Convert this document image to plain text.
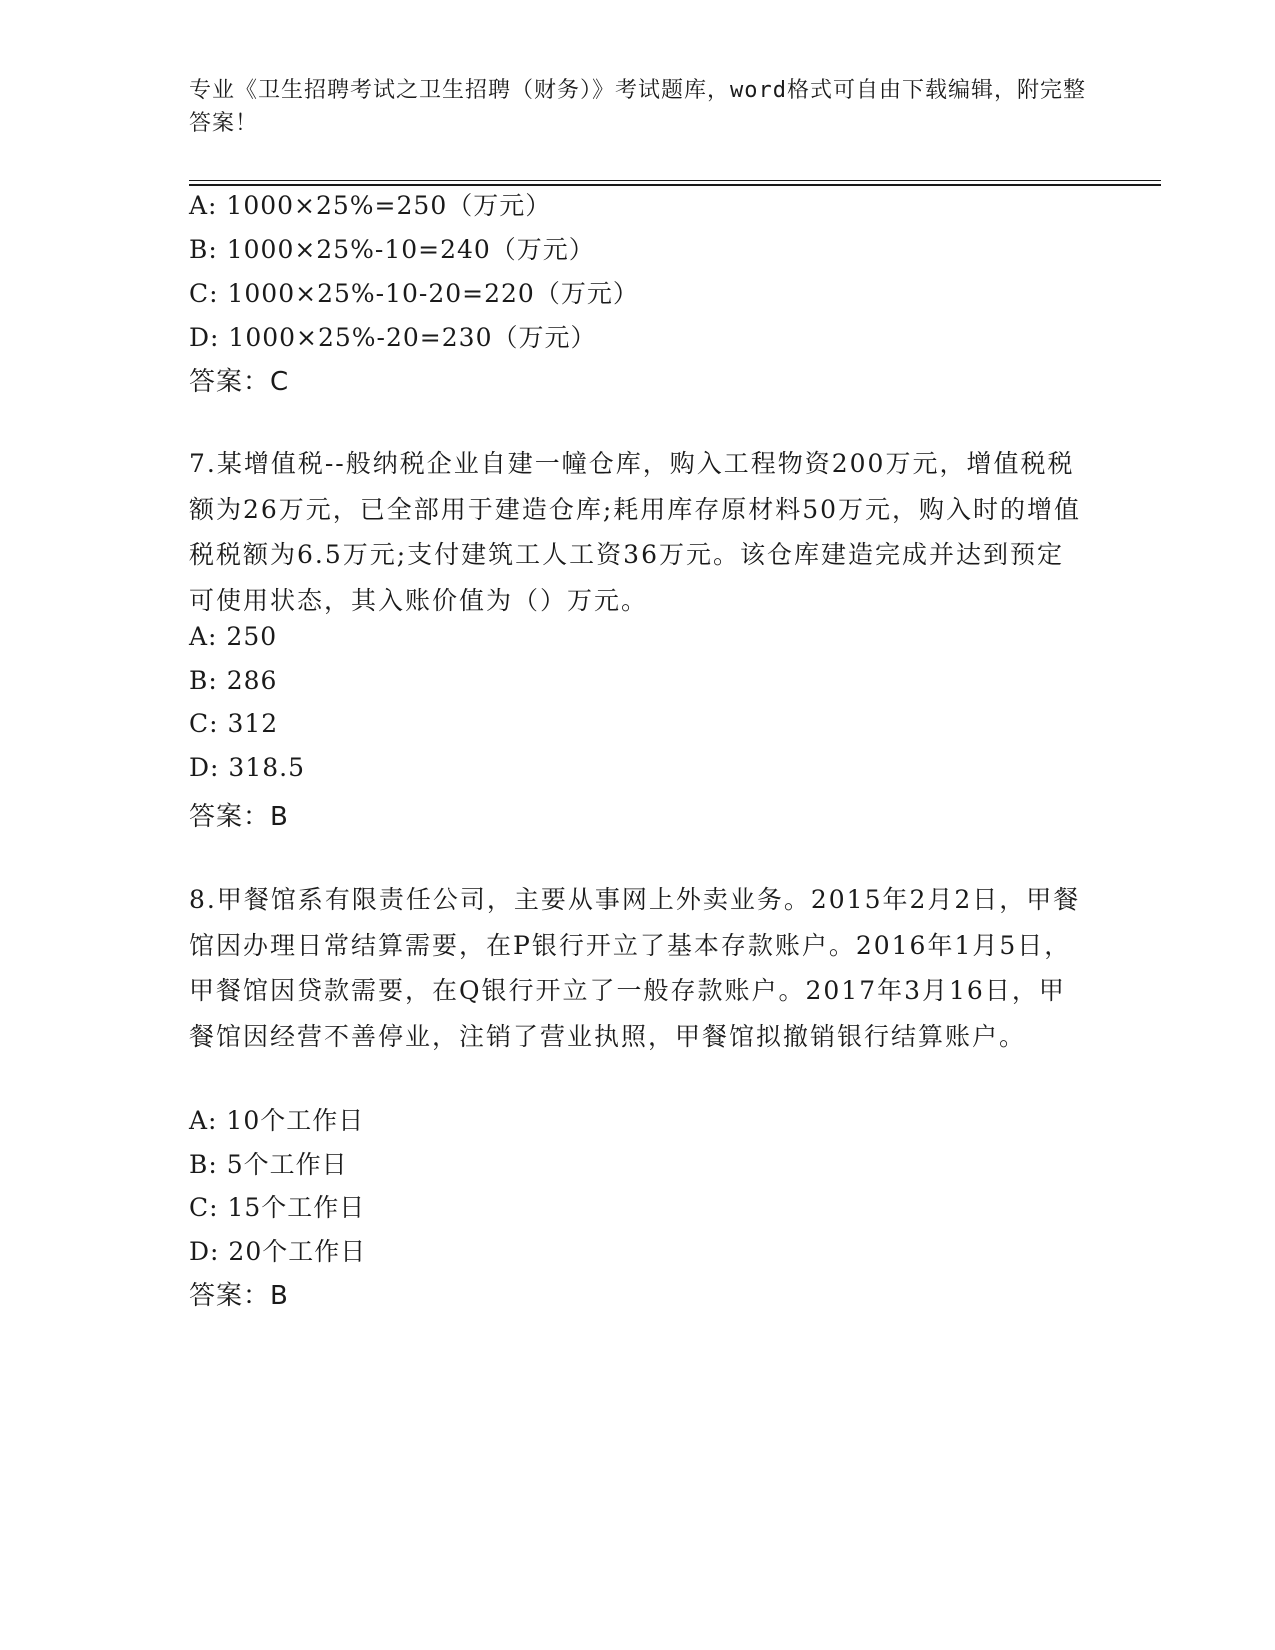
专业《卫生招聘考试之卫生招聘（财务）》考试题库，word格式可自由下载编辑，附完整答案！
A: 1000×25%=250（万元）
B: 1000×25%-10=240（万元）
C: 1000×25%-10-20=220（万元）
D: 1000×25%-20=230（万元）
答案：C
7.某增值税--般纳税企业自建一幢仓库，购入工程物资200万元，增值税税额为26万元，已全部用于建造仓库;耗用库存原材料50万元，购入时的增值税税额为6.5万元;支付建筑工人工资36万元。该仓库建造完成并达到预定可使用状态，其入账价值为（）万元。
A: 250
B: 286
C: 312
D: 318.5
答案：B
8.甲餐馆系有限责任公司，主要从事网上外卖业务。2015年2月2日，甲餐馆因办理日常结算需要，在P银行开立了基本存款账户。2016年1月5日，甲餐馆因贷款需要，在Q银行开立了一般存款账户。2017年3月16日，甲餐馆因经营不善停业，注销了营业执照，甲餐馆拟撤销银行结算账户。
A: 10个工作日
B: 5个工作日
C: 15个工作日
D: 20个工作日
答案：B
